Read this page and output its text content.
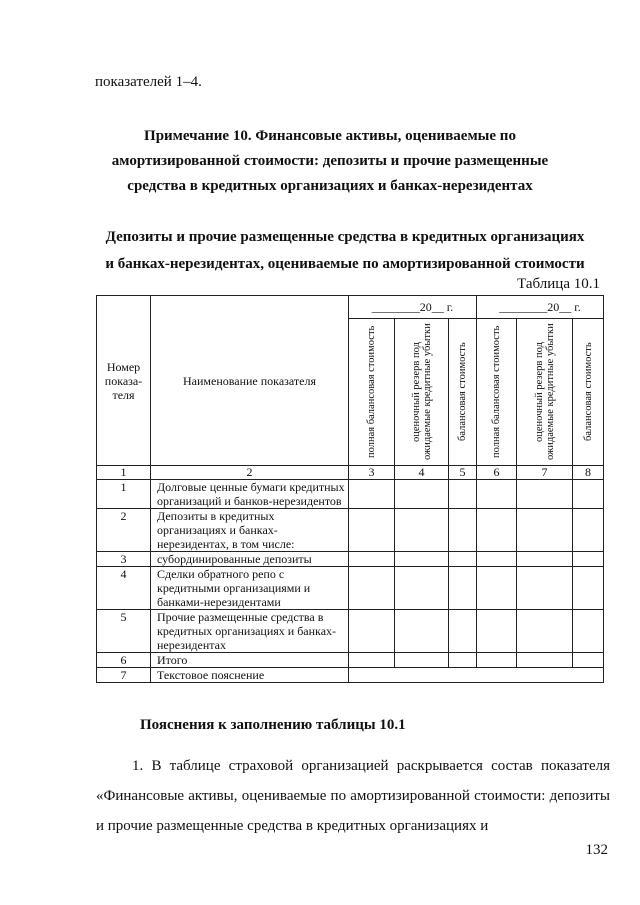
показателей 1–4.
Примечание 10. Финансовые активы, оцениваемые по
амортизированной стоимости: депозиты и прочие размещенные
средства в кредитных организациях и банках-нерезидентах
Депозиты и прочие размещенные средства в кредитных организациях
и банках-нерезидентах, оцениваемые по амортизированной стоимости
Таблица 10.1
Номер показа-теля	Наименование показателя	________20__ г.			________20__ г.		

		полная балансовая стоимость	оценочный резерв под ожидаемые кредитные убытки	балансовая стоимость	полная балансовая стоимость	оценочный резерв под ожидаемые кредитные убытки	балансовая стоимость

1	2	3	4	5	6	7	8
1	Долговые ценные бумаги кредитных организаций и банков-нерезидентов						
2	Депозиты в кредитных организациях и банках-нерезидентах, в том числе:						
3	субординированные депозиты						
4	Сделки обратного репо с кредитными организациями и банками-нерезидентами						
5	Прочие размещенные средства в кредитных организациях и банках-нерезидентах						
6	Итого						
7	Текстовое пояснение						
Пояснения к заполнению таблицы 10.1

1. В таблице страховой организацией раскрывается состав показателя «Финансовые активы, оцениваемые по амортизированной стоимости: депозиты и прочие размещенные средства в кредитных организациях и

132
